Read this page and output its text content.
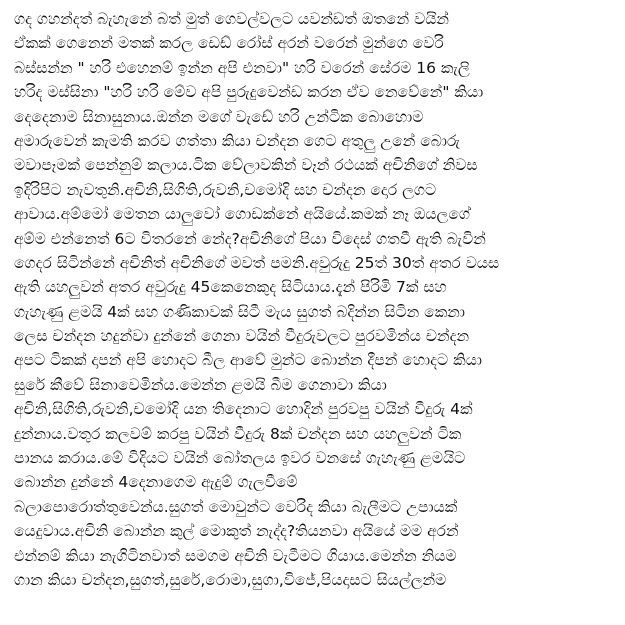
ගද ගහන්දත් බැහැනේ බත් මුත් ගෙවල්වලට යවන්ඩත් ඔතනේ වයින්
ඒකක් ගෙනෙන් මතක් කරල ඩෙඩ් රෝස් අරන් වරෙන් මුන්ගෙ වෙරි
බස්සන්න " හරි එහෙනම් ඉන්න අපි එනවා" හරි වරෙන් සේරම 16 කැලි
හරිද මස්සිනා "හරි හරි මේව අපි පුරුදුවෙන්ඩ කරන ඒව නෙවේනේ" කියා
දෙදෙනාම සිනාසුනාය.ඔන්න මගේ වැඩේ හරි උන්ටික බොහොම
අමාරුවෙන් කැමති කරව ගත්තා කියා චන්දන ගෙට අතුලු උනේ බොරු
මවාපෑමක් පෙන්නුම් කලාය.ටික වේලාවකින් වෑන් රථයක් අචිනිගේ නිවස
ඉදිරිපිට නැවතුනි.අචිනි,සිගිති,රුවනි,චමෝදි සහ චන්දන දොර ලගට
ආවාය.අම්මෝ මෙතන යාලුවෝ ගොඩක්නේ අයියේ.කමක් නෑ ඔයලගේ
අම්ම එන්නෙත් 6ට විතරනේ නේද?අචිනිගේ පියා විදෙස් ගතවී ඇති බැවින්
ගෙදර සිටින්නේ අචිනිත් අචිනිගේ මවත් පමනි.අවුරුදු 25ත් 30ත් අතර වයස
ඇති යහලුවන් අතර අවුරුදු 45කෙනෙකුද සිටියාය.දැන් පිරිමි 7ක් සහ
ගැහැණු ළමයි 4ක් සහ ගණිකාවක් සිටී මැය සුගත් බදින්න සිටින කෙනා
ලෙස චන්දන හදුන්වා දුන්නේ ගෙනා වයින් වීදුරුවලට පුරවමින්ය චන්දන
අපට ටිකක් දාපන් අපි හොදට බීල ආවේ මුන්ට බොන්න දීපන් හොදට කියා
සුරේ කීවේ සිනාවෙමින්ය.මෙන්න ළමයි බීම ගෙනාවා කියා
අචිනි,සිගිති,රුවනි,චමෝදි යන තිදෙනාට හොදින් පුරවපු වයින් වීදුරු 4ක්
දුන්නාය.වතුර කලවම් කරපු වයින් වීදුරු 8ක් චන්දන සහ යහලුවන් ටික
පානය කරාය.මේ විදියට වයින් බෝතලය ඉවර වනසේ ගැහැණු ළමයිට
බොන්න දුන්නේ 4දෙනාගෙම ඇදුම් ගැලවීමේ
බලාපොරොත්තුවෙන්ය.සුගත් මොවුන්ට වෙරිද කියා බැලීමට උපායක්
යෙදුවාය.අචිනි බොන්න කුල් මොකුත් නැද්ද?තියනවා අයියේ මම අරන්
එන්නම් කියා නැගිටිනවාත් සමගම අචිනි වැටීමට ගියාය.මෙන්න නියම
ගාන කියා චන්දන,සුගත්,සුරේ,රොමා,සුගා,විජේ,පියදාසට සියල්ලන්ම
